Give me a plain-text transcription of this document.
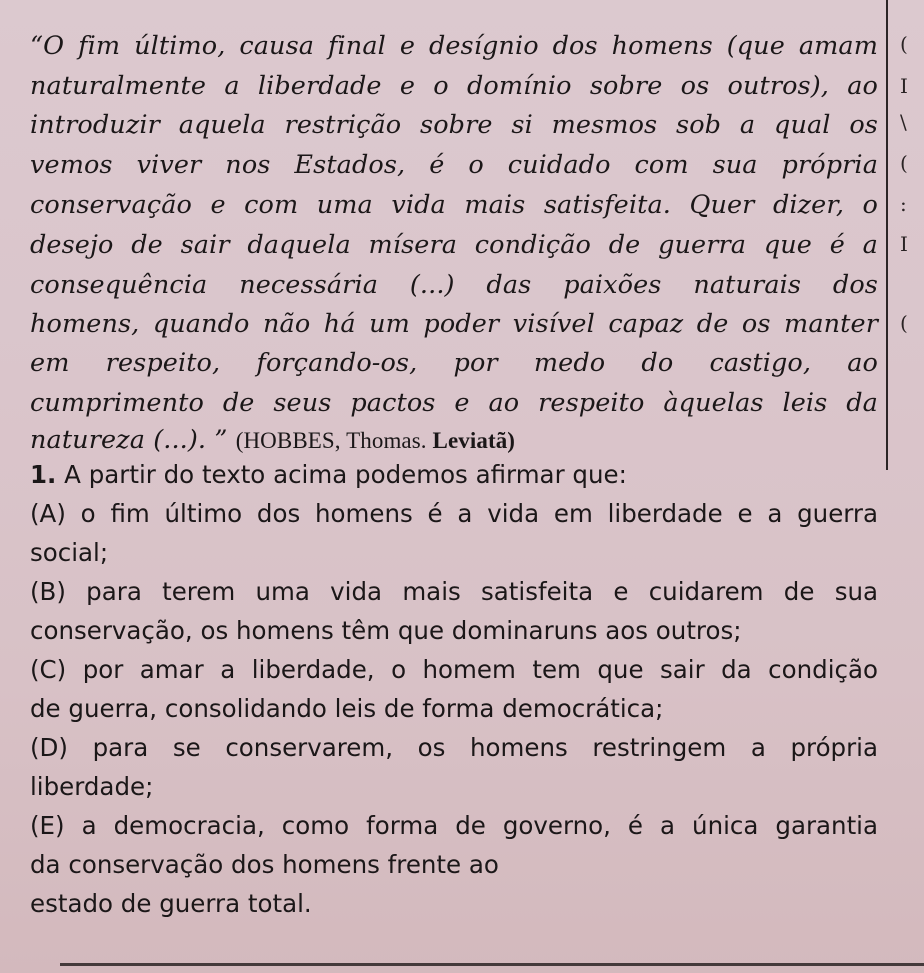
“O fim último, causa final e desígnio dos homens (que amam
naturalmente a liberdade e o domínio sobre os outros), ao
introduzir aquela restrição sobre si mesmos sob a qual os
vemos viver nos Estados, é o cuidado com sua própria
conservação e com uma vida mais satisfeita. Quer dizer, o
desejo de sair daquela mísera condição de guerra que é a
consequência necessária (...) das paixões naturais dos
homens, quando não há um poder visível capaz de os manter
em respeito, forçando-os, por medo do castigo, ao
cumprimento de seus pactos e ao respeito àquelas leis da
natureza (...). ” (HOBBES, Thomas. Leviatã)
1. A partir do texto acima podemos afirmar que:
(A) o fim último dos homens é a vida em liberdade e a guerra
social;
(B) para terem uma vida mais satisfeita e cuidarem de sua
conservação, os homens têm que dominaruns aos outros;
(C) por amar a liberdade, o homem tem que sair da condição
de guerra, consolidando leis de forma democrática;
(D) para se conservarem, os homens restringem a própria
liberdade;
(E) a democracia, como forma de governo, é a única garantia
da conservação dos homens frente ao
estado de guerra total.
(
I
\
(
:
I
(
